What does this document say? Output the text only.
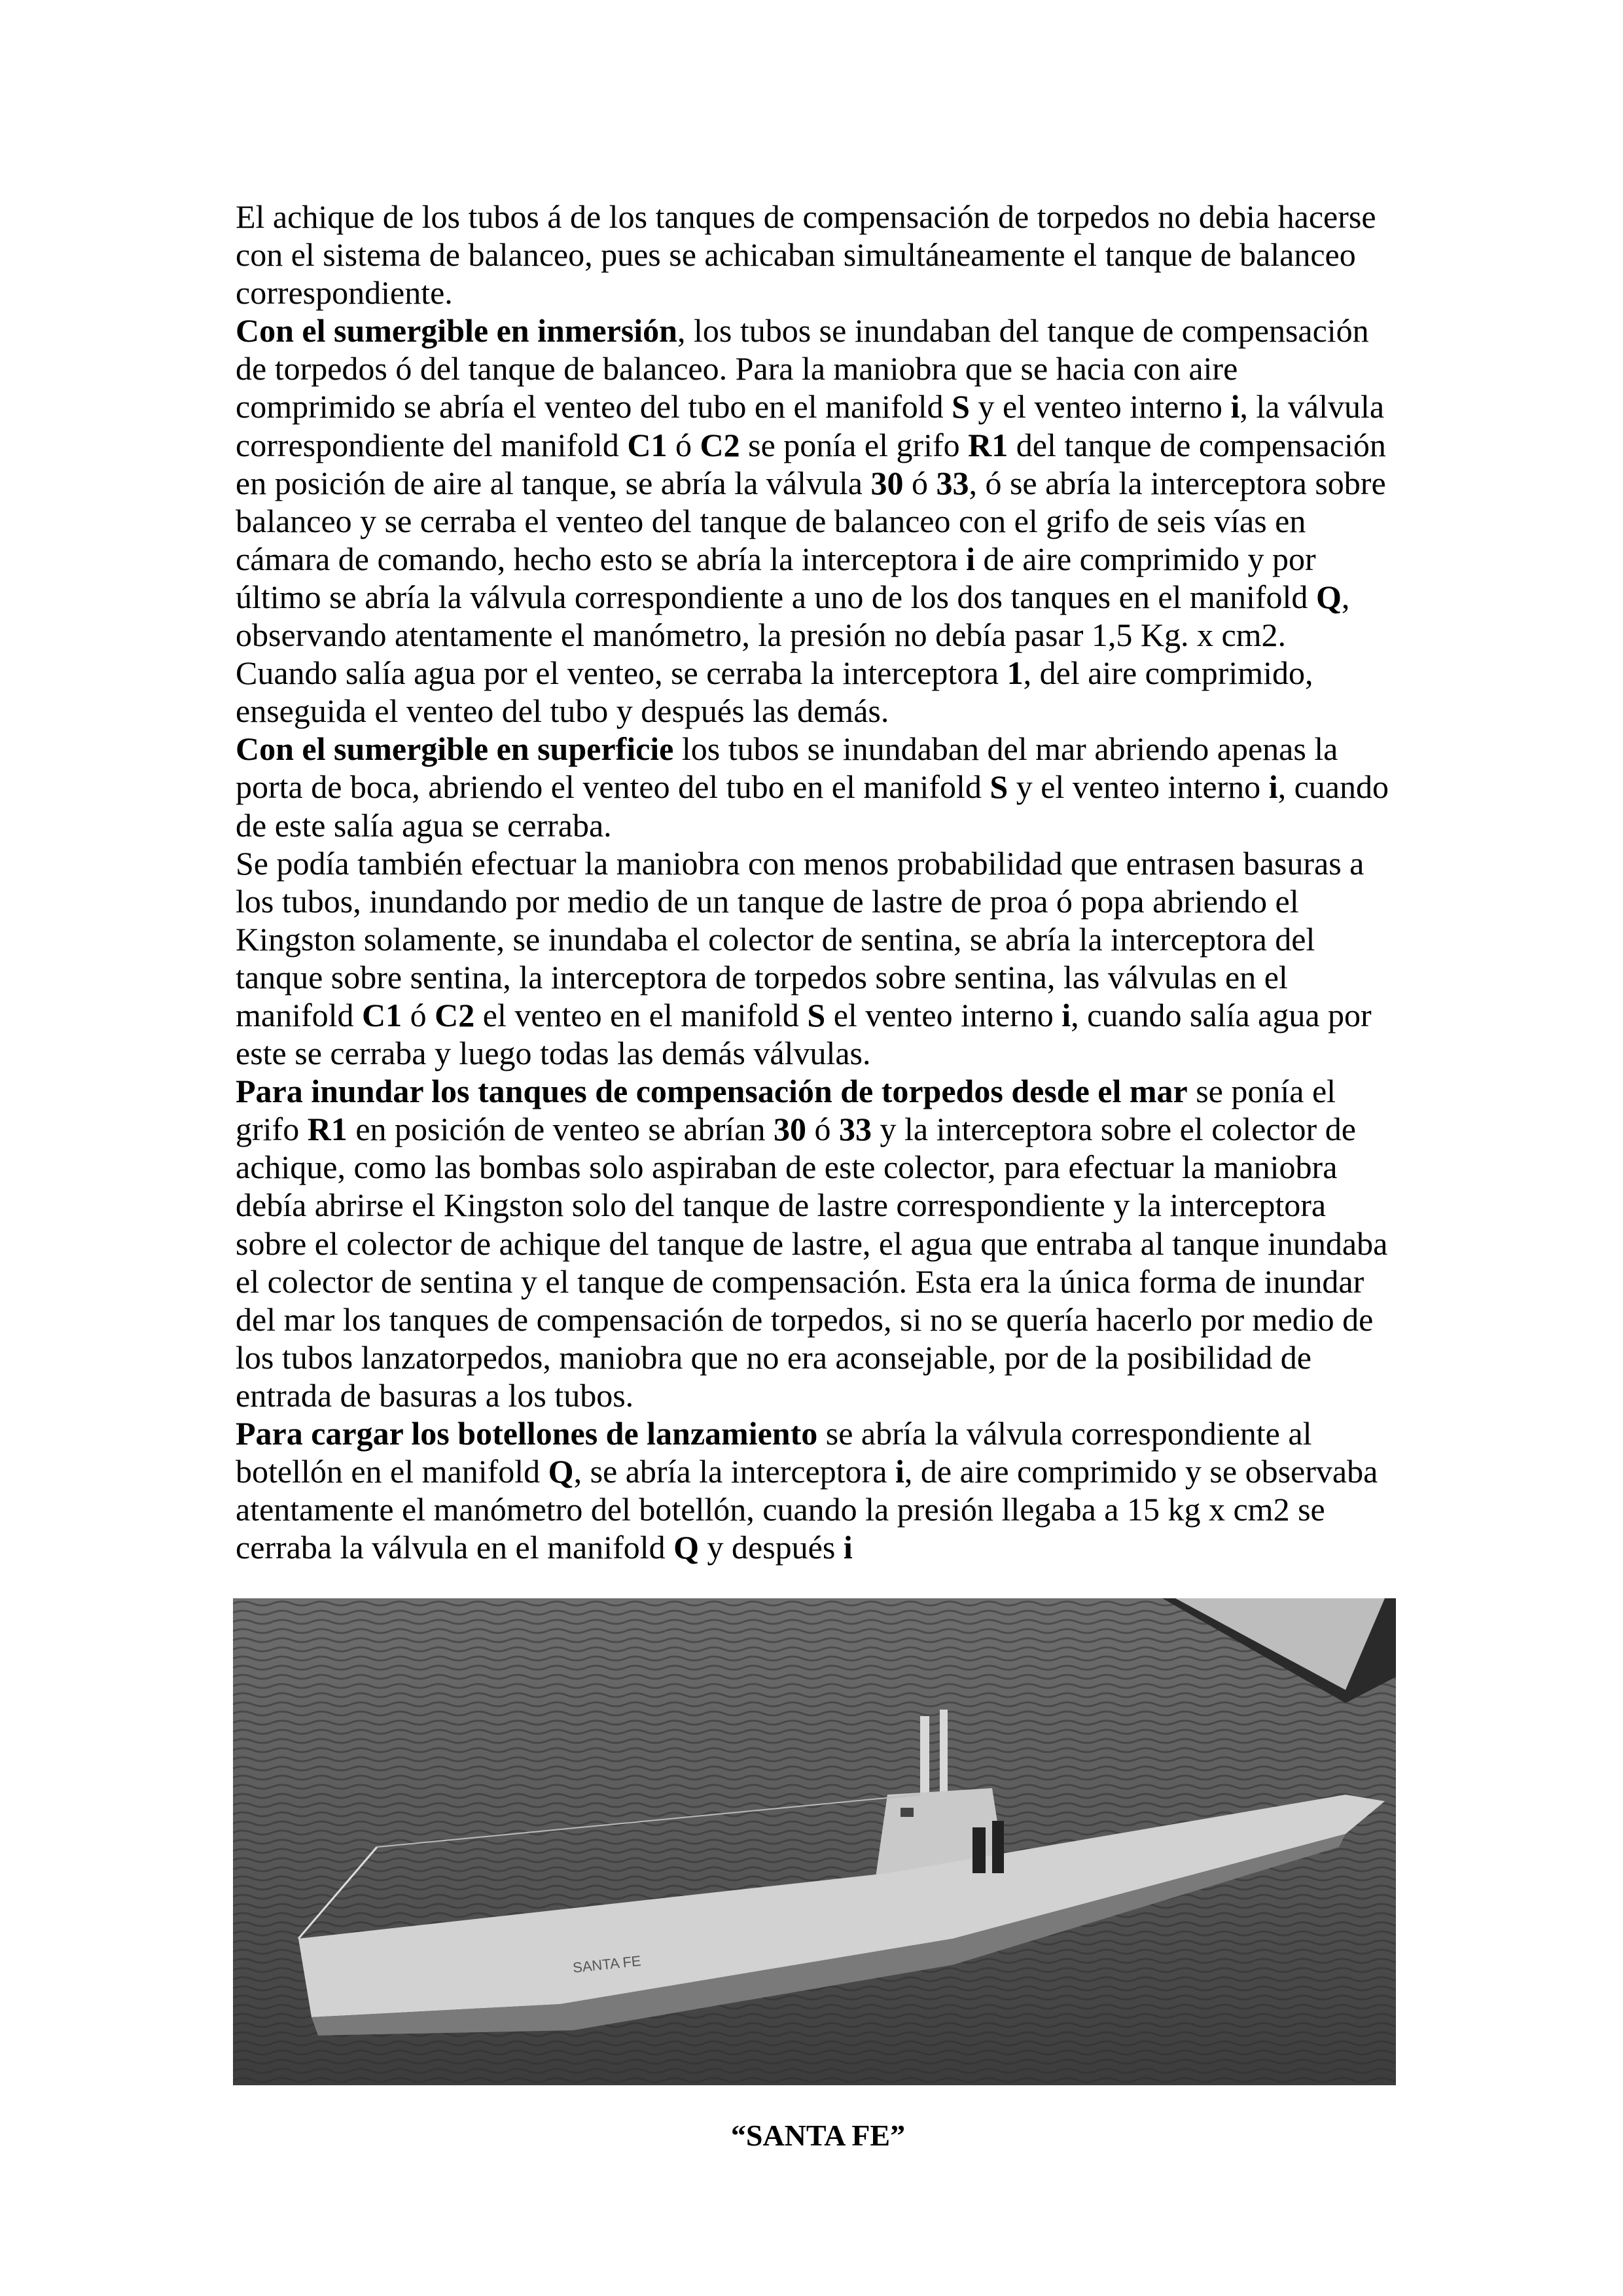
El achique de los tubos á de los tanques de compensación de torpedos no debia hacerse
con el sistema de balanceo, pues se achicaban simultáneamente el tanque de balanceo
correspondiente.
Con el sumergible en inmersión, los tubos se inundaban del tanque de compensación
de torpedos ó del tanque de balanceo. Para la maniobra que se hacia con aire
comprimido se abría el venteo del tubo en el manifold S y el venteo interno i, la válvula
correspondiente del manifold C1 ó C2 se ponía el grifo R1 del tanque de compensación
en posición de aire al tanque, se abría la válvula 30 ó 33, ó se abría la interceptora sobre
balanceo y se cerraba el venteo del tanque de balanceo con el grifo de seis vías en
cámara de comando, hecho esto se abría la interceptora i de aire comprimido y por
último se abría la válvula correspondiente a uno de los dos tanques en el manifold Q,
observando atentamente el manómetro, la presión no debía pasar 1,5 Kg. x cm2.
Cuando salía agua por el venteo, se cerraba la interceptora 1, del aire comprimido,
enseguida el venteo del tubo y después las demás.
Con el sumergible en superficie los tubos se inundaban del mar abriendo apenas la
porta de boca, abriendo el venteo del tubo en el manifold S y el venteo interno i, cuando
de este salía agua se cerraba.
Se podía también efectuar la maniobra con menos probabilidad que entrasen basuras a
los tubos, inundando por medio de un tanque de lastre de proa ó popa abriendo el
Kingston solamente, se inundaba el colector de sentina, se abría la interceptora del
tanque sobre sentina, la interceptora de torpedos sobre sentina, las válvulas en el
manifold C1 ó C2 el venteo en el manifold S el venteo interno i, cuando salía agua por
este se cerraba y luego todas las demás válvulas.
Para inundar los tanques de compensación de torpedos desde el mar se ponía el
grifo R1 en posición de venteo se abrían 30 ó 33 y la interceptora sobre el colector de
achique, como las bombas solo aspiraban de este colector, para efectuar la maniobra
debía abrirse el Kingston solo del tanque de lastre correspondiente y la interceptora
sobre el colector de achique del tanque de lastre, el agua que entraba al tanque inundaba
el colector de sentina y el tanque de compensación. Esta era la única forma de inundar
del mar los tanques de compensación de torpedos, si no se quería hacerlo por medio de
los tubos lanzatorpedos, maniobra que no era aconsejable, por de la posibilidad de
entrada de basuras a los tubos.
Para cargar los botellones de lanzamiento se abría la válvula correspondiente al
botellón en el manifold Q, se abría la interceptora i, de aire comprimido y se observaba
atentamente el manómetro del botellón, cuando la presión llegaba a 15 kg x cm2 se
cerraba la válvula en el manifold Q y después i
SANTA FE
“SANTA FE”
